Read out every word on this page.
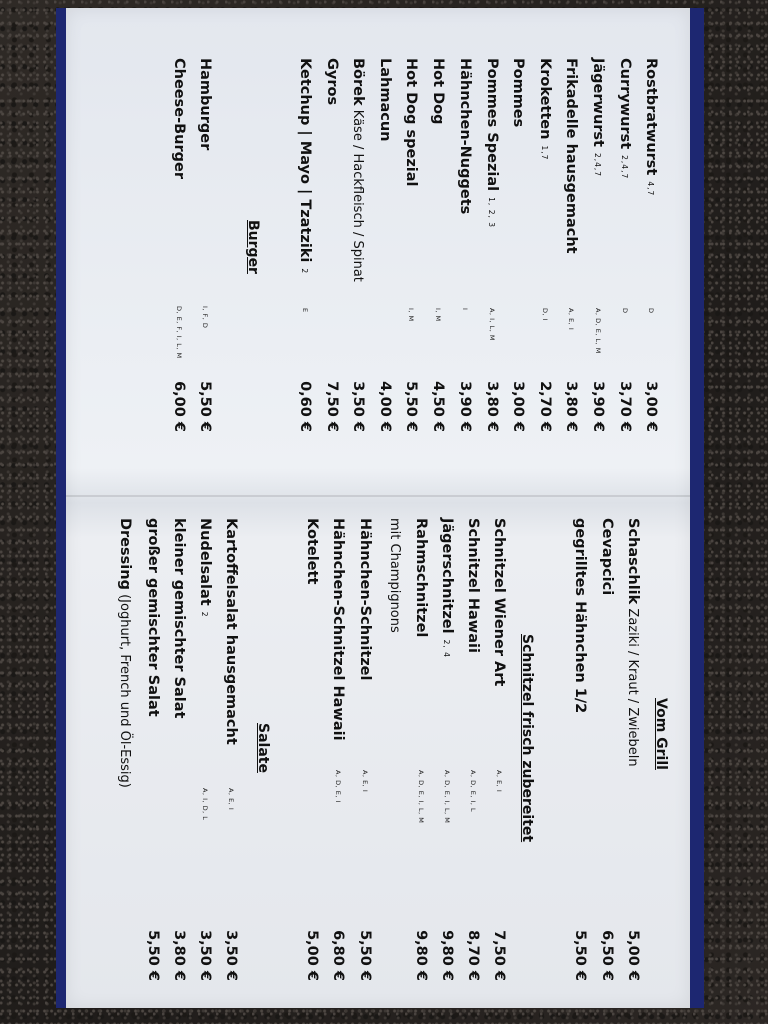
Rostbratwurst4,7
D
3,00 €
Currywurst2,4,7
D
3,70 €
Jägerwurst2,4,7
A, D, E, L, M
3,90 €
Frikadelle hausgemacht
A, E, I
3,80 €
Kroketten1,7
D, I
2,70 €
Pommes
3,00 €
Pommes Spezial1, 2, 3
A, I, L, M
3,80 €
Hähnchen-Nuggets
I
3,90 €
Hot Dog
I, M
4,50 €
Hot Dog spezial
I, M
5,50 €
Lahmacun
4,00 €
Börek Käse / Hackfleisch / Spinat
3,50 €
Gyros
7,50 €
Ketchup | Mayo | Tzatziki2
E
0,60 €
Burger
Hamburger
I, F, D
5,50 €
Cheese-Burger
D, E, F, I, L, M
6,00 €
Vom Grill
Schaschlik Zaziki / Kraut / Zwiebeln
5,00 €
Cevapcici
6,50 €
gegrilltes Hähnchen 1/2
5,50 €
Schnitzel frisch zubereitet
Schnitzel Wiener Art
A, E, I
7,50 €
Schnitzel Hawaii
A, D, E, I, L
8,70 €
Jägerschnitzel2, 4
A, D, E, I, L, M
9,80 €
Rahmschnitzel
A, D, E, I, L, M
9,80 €
mit Champignons
Hähnchen-Schnitzel
A, E, I
5,50 €
Hähnchen-Schnitzel Hawaii
A, D, E, I
6,80 €
Kotelett
5,00 €
Salate
Kartoffelsalat hausgemacht
A, E, I
3,50 €
Nudelsalat2
A, I, D, L
3,50 €
kleiner gemischter Salat
3,80 €
großer gemischter Salat
5,50 €
Dressing (Joghurt, French und Öl-Essig)
